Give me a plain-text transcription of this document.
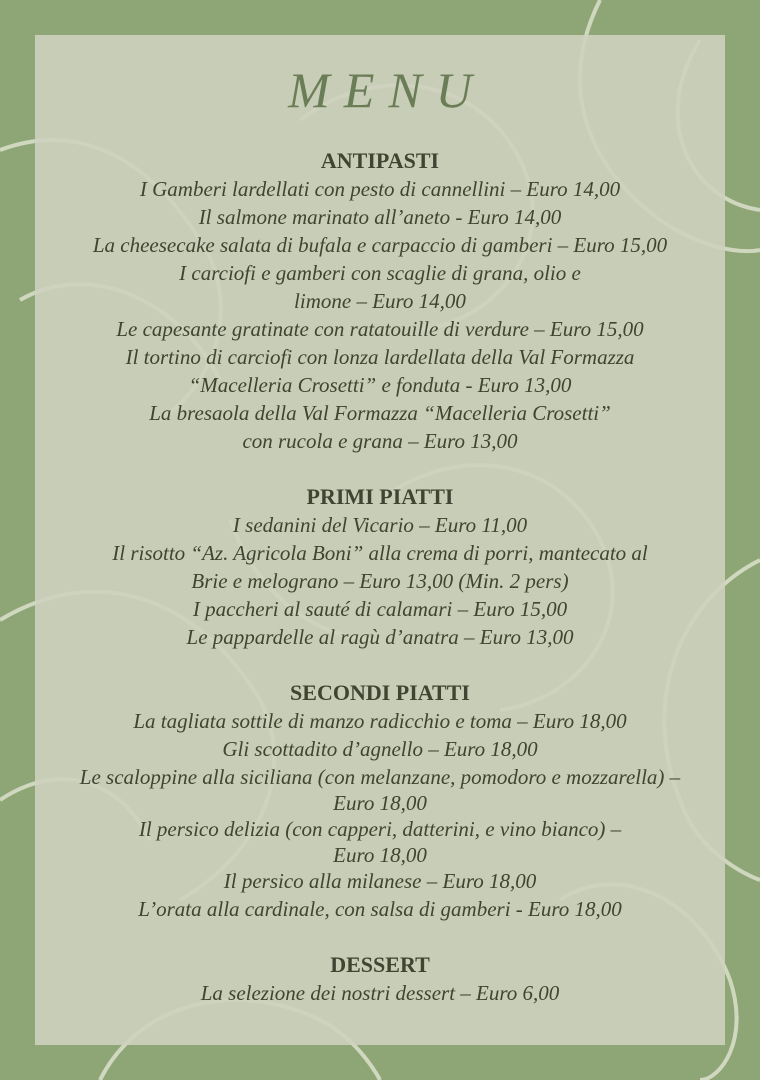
MENU
ANTIPASTI
I Gamberi lardellati con pesto di cannellini – Euro 14,00
Il salmone marinato all’aneto - Euro 14,00
La cheesecake salata di bufala e carpaccio di gamberi – Euro 15,00
I carciofi e gamberi con scaglie di grana, olio e
limone – Euro 14,00
Le capesante gratinate con ratatouille di verdure – Euro 15,00
Il tortino di carciofi con lonza lardellata della Val Formazza
“Macelleria Crosetti” e fonduta - Euro 13,00
La bresaola della Val Formazza “Macelleria Crosetti”
con rucola e grana – Euro 13,00
PRIMI PIATTI
I sedanini del Vicario – Euro 11,00
Il risotto “Az. Agricola Boni” alla crema di porri, mantecato al
Brie e melograno – Euro 13,00 (Min. 2 pers)
I paccheri al sauté di calamari – Euro 15,00
Le pappardelle al ragù d’anatra – Euro 13,00
SECONDI PIATTI
La tagliata sottile di manzo radicchio e toma – Euro 18,00
Gli scottadito d’agnello – Euro 18,00
Le scaloppine alla siciliana (con melanzane, pomodoro e mozzarella) –
Euro 18,00
Il persico delizia (con capperi, datterini, e vino bianco) –
Euro 18,00
Il persico alla milanese – Euro 18,00
L’orata alla cardinale, con salsa di gamberi - Euro 18,00
DESSERT
La selezione dei nostri dessert – Euro 6,00
